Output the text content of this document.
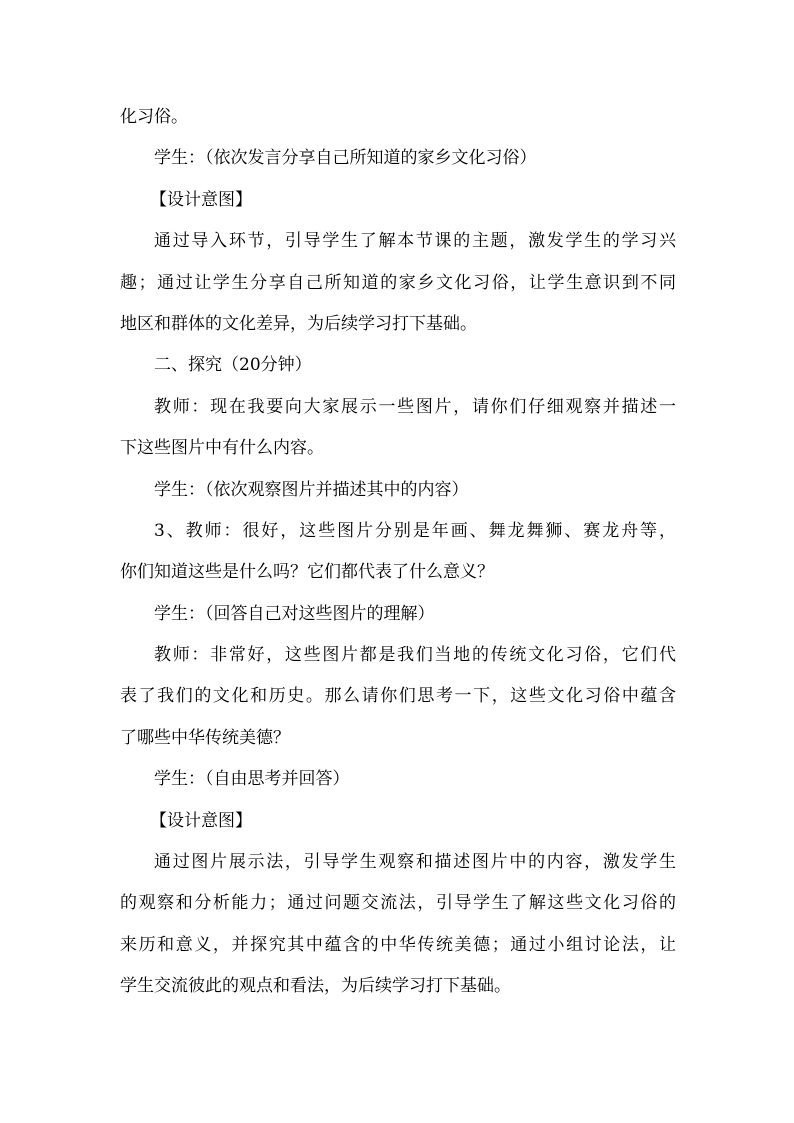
化习俗。
学生：（依次发言分享自己所知道的家乡文化习俗）
【设计意图】
通过导入环节，引导学生了解本节课的主题，激发学生的学习兴
趣；通过让学生分享自己所知道的家乡文化习俗，让学生意识到不同
地区和群体的文化差异，为后续学习打下基础。
二、探究（20分钟）
教师：现在我要向大家展示一些图片，请你们仔细观察并描述一
下这些图片中有什么内容。
学生：（依次观察图片并描述其中的内容）
3、教师：很好，这些图片分别是年画、舞龙舞狮、赛龙舟等，
你们知道这些是什么吗？它们都代表了什么意义？
学生：（回答自己对这些图片的理解）
教师：非常好，这些图片都是我们当地的传统文化习俗，它们代
表了我们的文化和历史。那么请你们思考一下，这些文化习俗中蕴含
了哪些中华传统美德？
学生：（自由思考并回答）
【设计意图】
通过图片展示法，引导学生观察和描述图片中的内容，激发学生
的观察和分析能力；通过问题交流法，引导学生了解这些文化习俗的
来历和意义，并探究其中蕴含的中华传统美德；通过小组讨论法，让
学生交流彼此的观点和看法，为后续学习打下基础。
